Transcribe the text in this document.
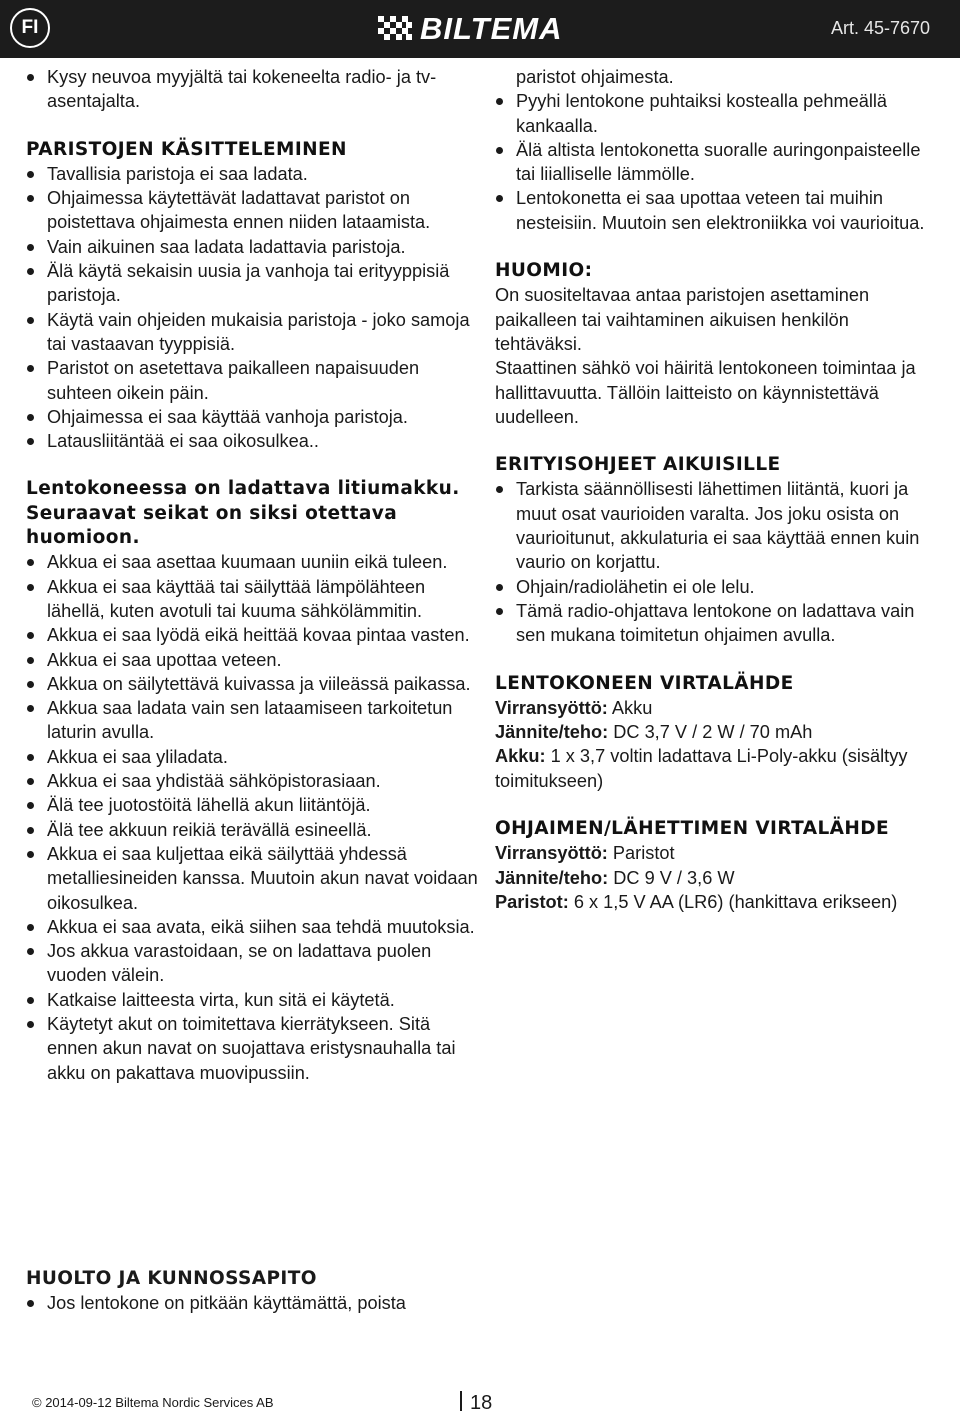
FI	BILTEMA	Art. 45-7670
Kysy neuvoa myyjältä tai kokeneelta radio- ja tv-asentajalta.
PARISTOJEN KÄSITTELEMINEN
Tavallisia paristoja ei saa ladata.
Ohjaimessa käytettävät ladattavat paristot on poistettava ohjaimesta ennen niiden lataamista.
Vain aikuinen saa ladata ladattavia paristoja.
Älä käytä sekaisin uusia ja vanhoja tai erityyppisiä paristoja.
Käytä vain ohjeiden mukaisia paristoja - joko samoja tai vastaavan tyyppisiä.
Paristot on asetettava paikalleen napaisuuden suhteen oikein päin.
Ohjaimessa ei saa käyttää vanhoja paristoja.
Latausliitäntää ei saa oikosulkea..
Lentokoneessa on ladattava litiumakku. Seuraavat seikat on siksi otettava huomioon.
Akkua ei saa asettaa kuumaan uuniin eikä tuleen.
Akkua ei saa käyttää tai säilyttää lämpölähteen lähellä, kuten avotuli tai kuuma sähkölämmitin.
Akkua ei saa lyödä eikä heittää kovaa pintaa vasten.
Akkua ei saa upottaa veteen.
Akkua on säilytettävä kuivassa ja viileässä paikassa.
Akkua saa ladata vain sen lataamiseen tarkoitetun laturin avulla.
Akkua ei saa yliladata.
Akkua ei saa yhdistää sähköpistorasiaan.
Älä tee juotostöitä lähellä akun liitäntöjä.
Älä tee akkuun reikiä terävällä esineellä.
Akkua ei saa kuljettaa eikä säilyttää yhdessä metalliesineiden kanssa. Muutoin akun navat voidaan oikosulkea.
Akkua ei saa avata, eikä siihen saa tehdä muutoksia.
Jos akkua varastoidaan, se on ladattava puolen vuoden välein.
Katkaise laitteesta virta, kun sitä ei käytetä.
Käytetyt akut on toimitettava kierrätykseen. Sitä ennen akun navat on suojattava eristysnauhalla tai akku on pakattava muovipussiin.
HUOLTO JA KUNNOSSAPITO
Jos lentokone on pitkään käyttämättä, poista

paristot ohjaimesta.

Pyyhi lentokone puhtaiksi kostealla pehmeällä kankaalla.
Älä altista lentokonetta suoralle auringonpaisteelle tai liialliselle lämmölle.
Lentokonetta ei saa upottaa veteen tai muihin nesteisiin. Muutoin sen elektroniikka voi vaurioitua.
HUOMIO:

On suositeltavaa antaa paristojen asettaminen paikalleen tai vaihtaminen aikuisen henkilön tehtäväksi.

Staattinen sähkö voi häiritä lentokoneen toimintaa ja hallittavuutta. Tällöin laitteisto on käynnistettävä uudelleen.

ERITYISOHJEET AIKUISILLE
Tarkista säännöllisesti lähettimen liitäntä, kuori ja muut osat vaurioiden varalta. Jos joku osista on vaurioitunut, akkulaturia ei saa käyttää ennen kuin vaurio on korjattu.
Ohjain/radiolähetin ei ole lelu.
Tämä radio-ohjattava lentokone on ladattava vain sen mukana toimitetun ohjaimen avulla.
LENTOKONEEN VIRTALÄHDE

Virransyöttö: Akku

Jännite/teho: DC 3,7 V / 2 W / 70 mAh

Akku: 1 x 3,7 voltin ladattava Li-Poly-akku (sisältyy toimitukseen)

OHJAIMEN/LÄHETTIMEN VIRTALÄHDE

Virransyöttö: Paristot

Jännite/teho: DC 9 V / 3,6 W

Paristot: 6 x 1,5 V AA (LR6) (hankittava erikseen)

© 2014-09-12 Biltema Nordic Services AB	18
